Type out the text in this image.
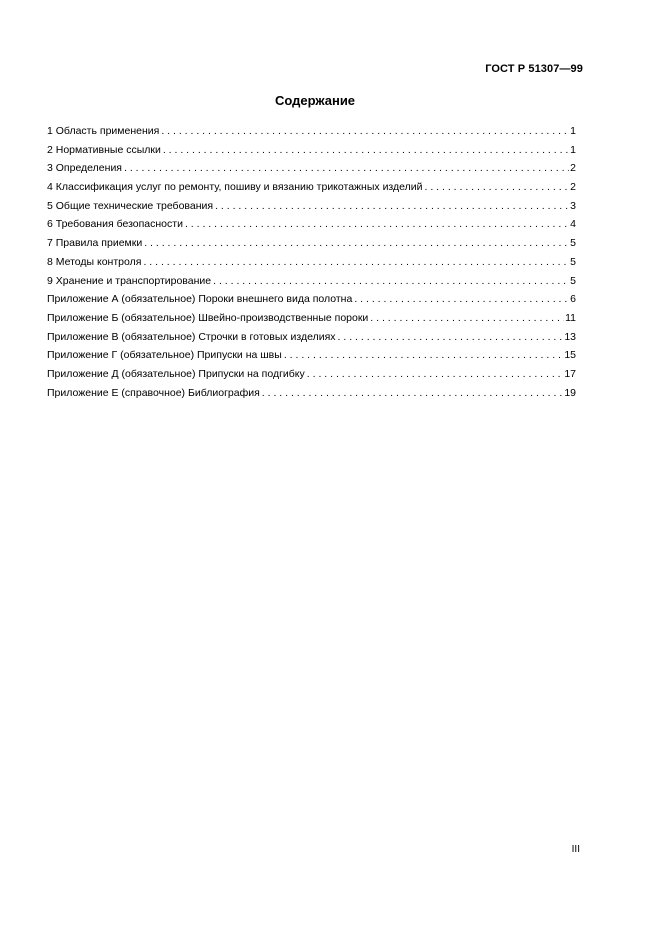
ГОСТ Р 51307—99
Содержание
1 Область применения . . .	1
2 Нормативные ссылки . . .	1
3 Определения . . .	2
4 Классификация услуг по ремонту, пошиву и вязанию трикотажных изделий . . .	2
5 Общие технические требования . . .	3
6 Требования безопасности . . .	4
7 Правила приемки . . .	5
8 Методы контроля . . .	5
9 Хранение и транспортирование . . .	5
Приложение А (обязательное) Пороки внешнего вида полотна . . .	6
Приложение Б (обязательное) Швейно-производственные пороки . . .	11
Приложение В (обязательное) Строчки в готовых изделиях . . .	13
Приложение Г (обязательное) Припуски на швы . . .	15
Приложение Д (обязательное) Припуски на подгибку . . .	17
Приложение Е (справочное) Библиография . . .	19
III
